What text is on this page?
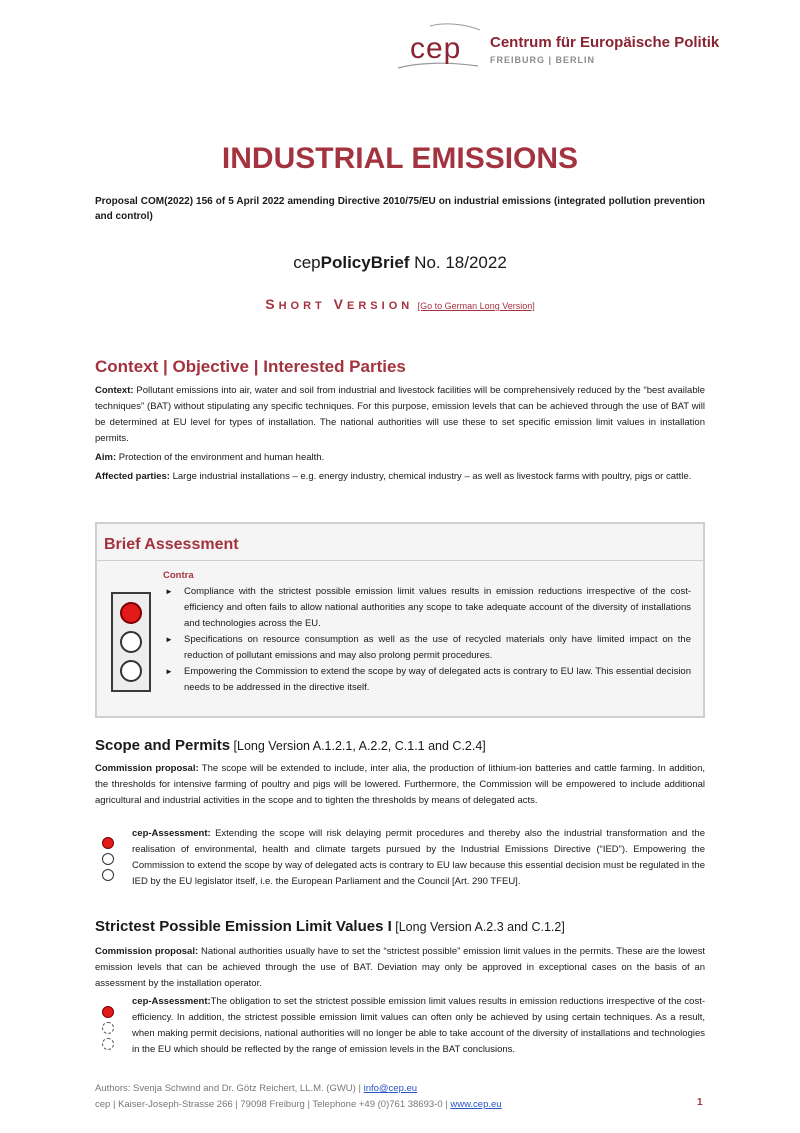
cep Centrum für Europäische Politik
FREIBURG | BERLIN
INDUSTRIAL EMISSIONS
Proposal COM(2022) 156 of 5 April 2022 amending Directive 2010/75/EU on industrial emissions (integrated pollution prevention and control)
cepPolicyBrief No. 18/2022
SHORT VERSION [Go to German Long Version]
Context | Objective | Interested Parties
Context: Pollutant emissions into air, water and soil from industrial and livestock facilities will be comprehensively reduced by the “best available techniques” (BAT) without stipulating any specific techniques. For this purpose, emission levels that can be achieved through the use of BAT will be determined at EU level for types of installation. The national authorities will use these to set specific emission limit values in installation permits.
Aim: Protection of the environment and human health.
Affected parties: Large industrial installations – e.g. energy industry, chemical industry – as well as livestock farms with poultry, pigs or cattle.
Brief Assessment
Contra
► Compliance with the strictest possible emission limit values results in emission reductions irrespective of the cost-efficiency and often fails to allow national authorities any scope to take adequate account of the diversity of installations and technologies across the EU.
► Specifications on resource consumption as well as the use of recycled materials only have limited impact on the reduction of pollutant emissions and may also prolong permit procedures.
► Empowering the Commission to extend the scope by way of delegated acts is contrary to EU law. This essential decision needs to be addressed in the directive itself.
Scope and Permits [Long Version A.1.2.1, A.2.2, C.1.1 and C.2.4]
Commission proposal: The scope will be extended to include, inter alia, the production of lithium-ion batteries and cattle farming. In addition, the thresholds for intensive farming of poultry and pigs will be lowered. Furthermore, the Commission will be empowered to include additional agricultural and industrial activities in the scope and to tighten the thresholds by means of delegated acts.
cep-Assessment: Extending the scope will risk delaying permit procedures and thereby also the industrial transformation and the realisation of environmental, health and climate targets pursued by the Industrial Emissions Directive (“IED”). Empowering the Commission to extend the scope by way of delegated acts is contrary to EU law because this essential decision must be regulated in the IED by the EU legislator itself, i.e. the European Parliament and the Council [Art. 290 TFEU].
Strictest Possible Emission Limit Values I [Long Version A.2.3 and C.1.2]
Commission proposal: National authorities usually have to set the “strictest possible” emission limit values in the permits. These are the lowest emission levels that can be achieved through the use of BAT. Deviation may only be approved in exceptional cases on the basis of an assessment by the installation operator.
cep-Assessment:The obligation to set the strictest possible emission limit values results in emission reductions irrespective of the cost-efficiency. In addition, the strictest possible emission limit values can often only be achieved by using certain techniques. As a result, when making permit decisions, national authorities will no longer be able to take account of the diversity of installations and technologies in the EU which should be reflected by the range of emission levels in the BAT conclusions.
Authors: Svenja Schwind and Dr. Götz Reichert, LL.M. (GWU) | info@cep.eu
cep | Kaiser-Joseph-Strasse 266 | 79098 Freiburg | Telephone +49 (0)761 38693-0 | www.cep.eu	1
